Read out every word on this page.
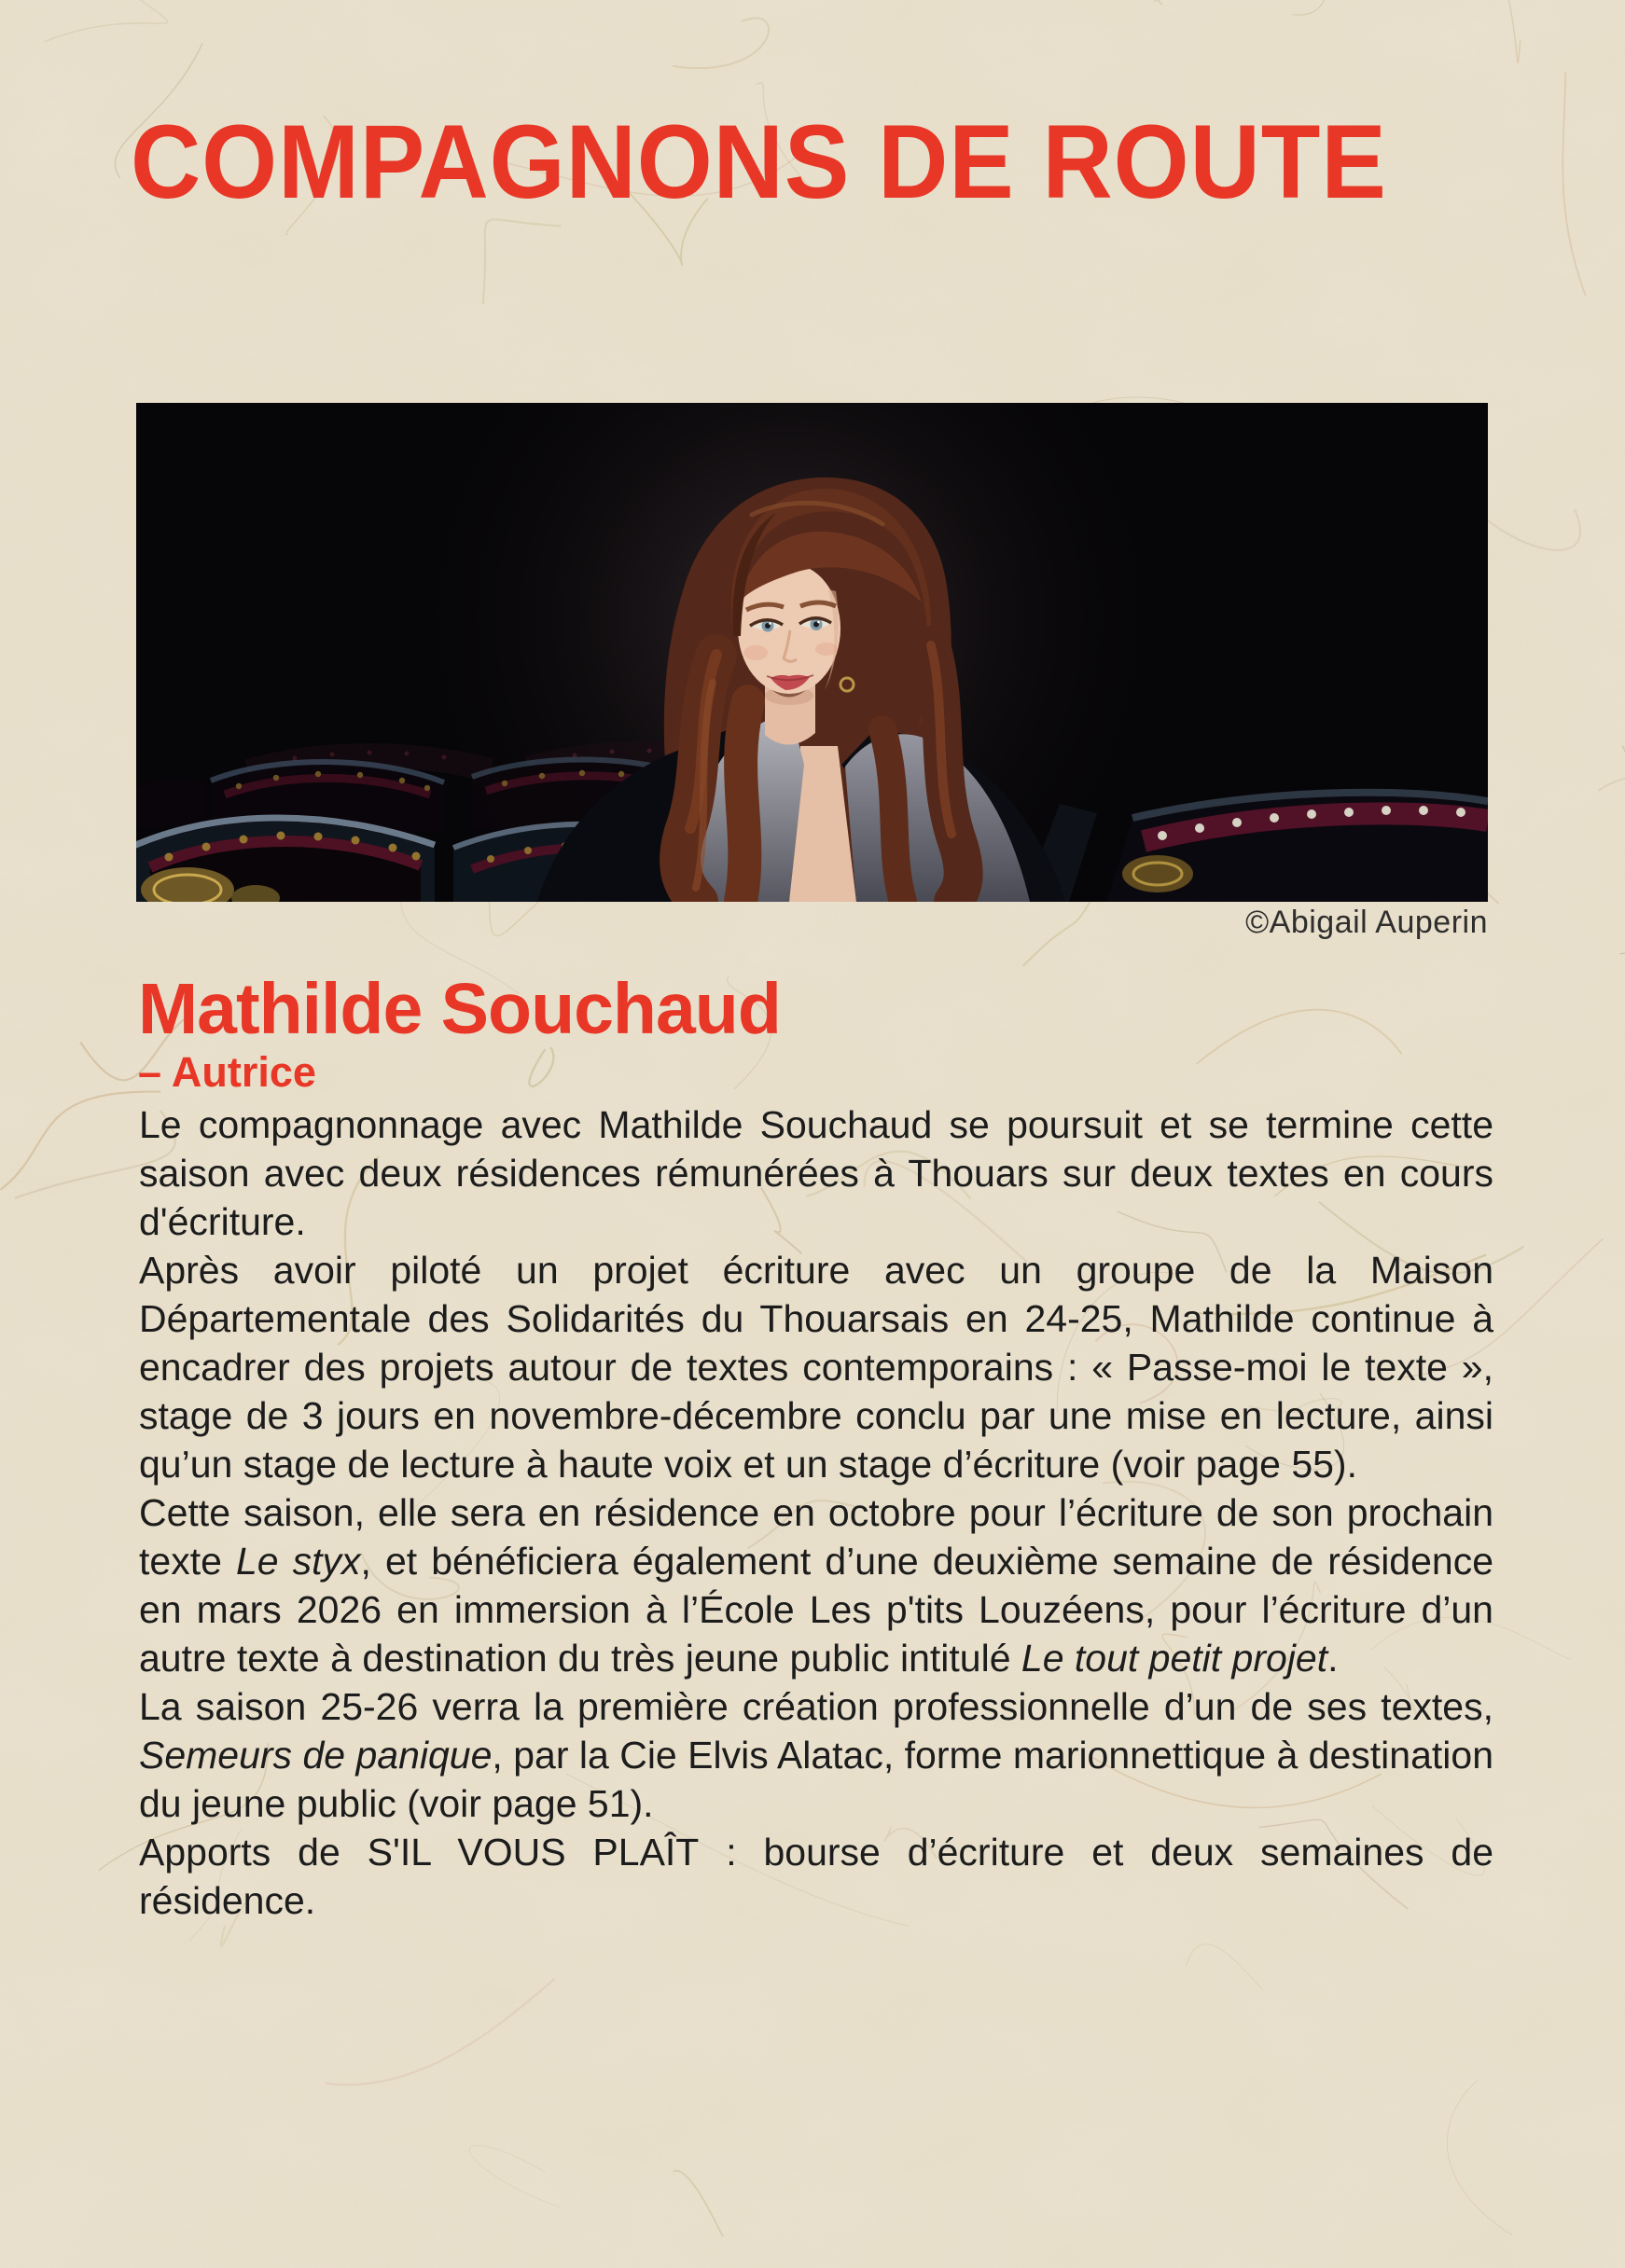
COMPAGNONS DE ROUTE
©Abigail Auperin
Mathilde Souchaud
– Autrice

Le compagnonnage avec Mathilde Souchaud se poursuit et se termine cette saison avec deux résidences rémunérées à Thouars sur deux textes en cours d'écriture.

Après avoir piloté un projet écriture avec un groupe de la Maison Départementale des Solidarités du Thouarsais en 24-25, Mathilde continue à encadrer des projets autour de textes contemporains : « Passe-moi le texte », stage de 3 jours en novembre-décembre conclu par une mise en lecture, ainsi qu’un stage de lecture à haute voix et un stage d’écriture (voir page 55).

Cette saison, elle sera en résidence en octobre pour l’écriture de son prochain texte Le styx, et bénéficiera également d’une deuxième semaine de résidence en mars 2026 en immersion à l’École Les p'tits Louzéens, pour l’écriture d’un autre texte à destination du très jeune public intitulé Le tout petit projet.

La saison 25-26 verra la première création professionnelle d’un de ses textes, Semeurs de panique, par la Cie Elvis Alatac, forme marionnettique à destination du jeune public (voir page 51).

Apports de S'IL VOUS PLAÎT : bourse d’écriture et deux semaines de résidence.
